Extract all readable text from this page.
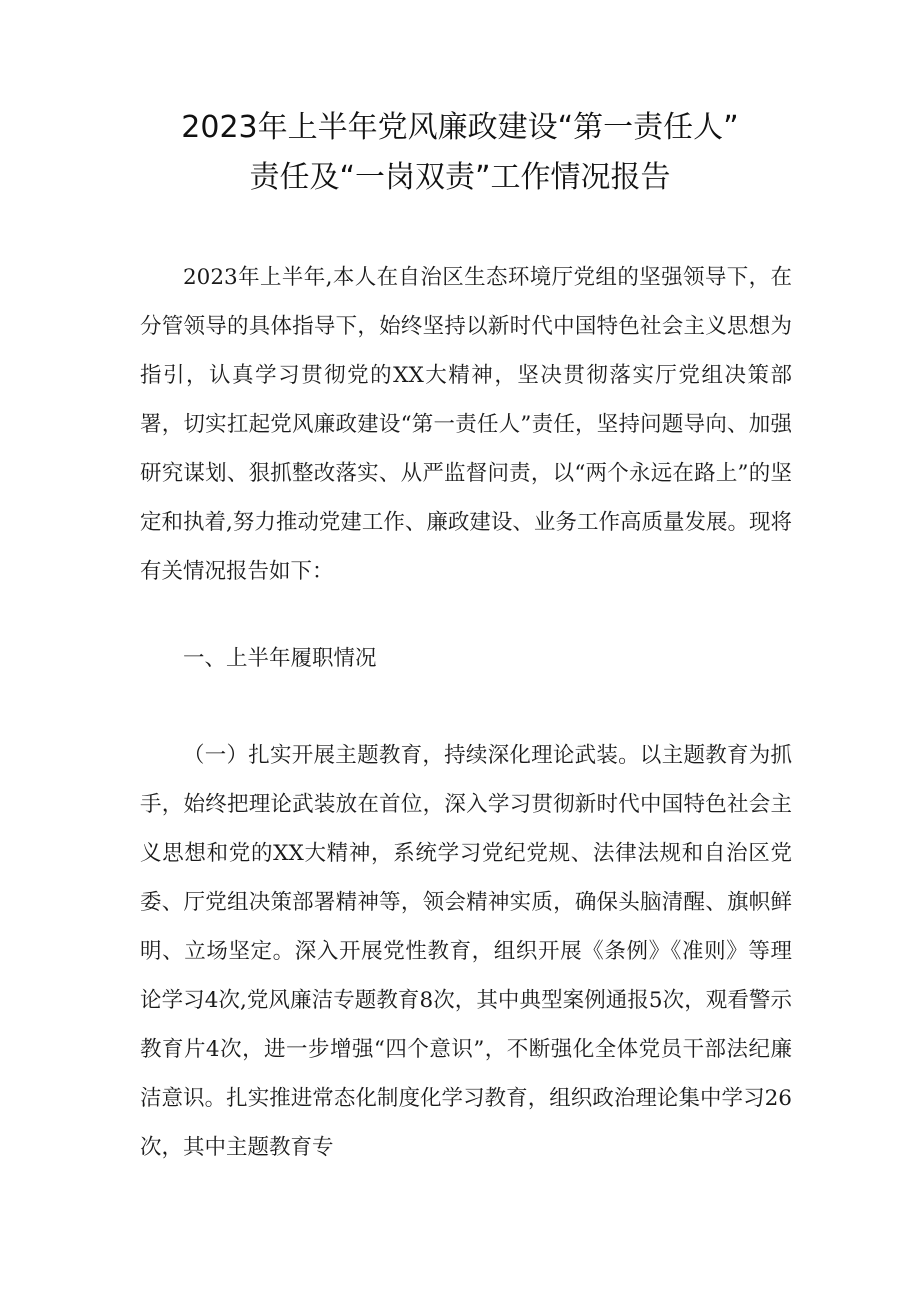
2023年上半年党风廉政建设“第一责任人”
责任及“一岗双责”工作情况报告

2023年上半年,本人在自治区生态环境厅党组的坚强领导下，在分管领导的具体指导下，始终坚持以新时代中国特色社会主义思想为指引，认真学习贯彻党的XX大精神，坚决贯彻落实厅党组决策部署，切实扛起党风廉政建设“第一责任人”责任，坚持问题导向、加强研究谋划、狠抓整改落实、从严监督问责，以“两个永远在路上”的坚定和执着,努力推动党建工作、廉政建设、业务工作高质量发展。现将有关情况报告如下：

一、上半年履职情况

（一）扎实开展主题教育，持续深化理论武装。以主题教育为抓手，始终把理论武装放在首位，深入学习贯彻新时代中国特色社会主义思想和党的XX大精神，系统学习党纪党规、法律法规和自治区党委、厅党组决策部署精神等，领会精神实质，确保头脑清醒、旗帜鲜明、立场坚定。深入开展党性教育，组织开展《条例》《准则》等理论学习4次,党风廉洁专题教育8次，其中典型案例通报5次，观看警示教育片4次，进一步增强“四个意识”，不断强化全体党员干部法纪廉洁意识。扎实推进常态化制度化学习教育，组织政治理论集中学习26次，其中主题教育专
